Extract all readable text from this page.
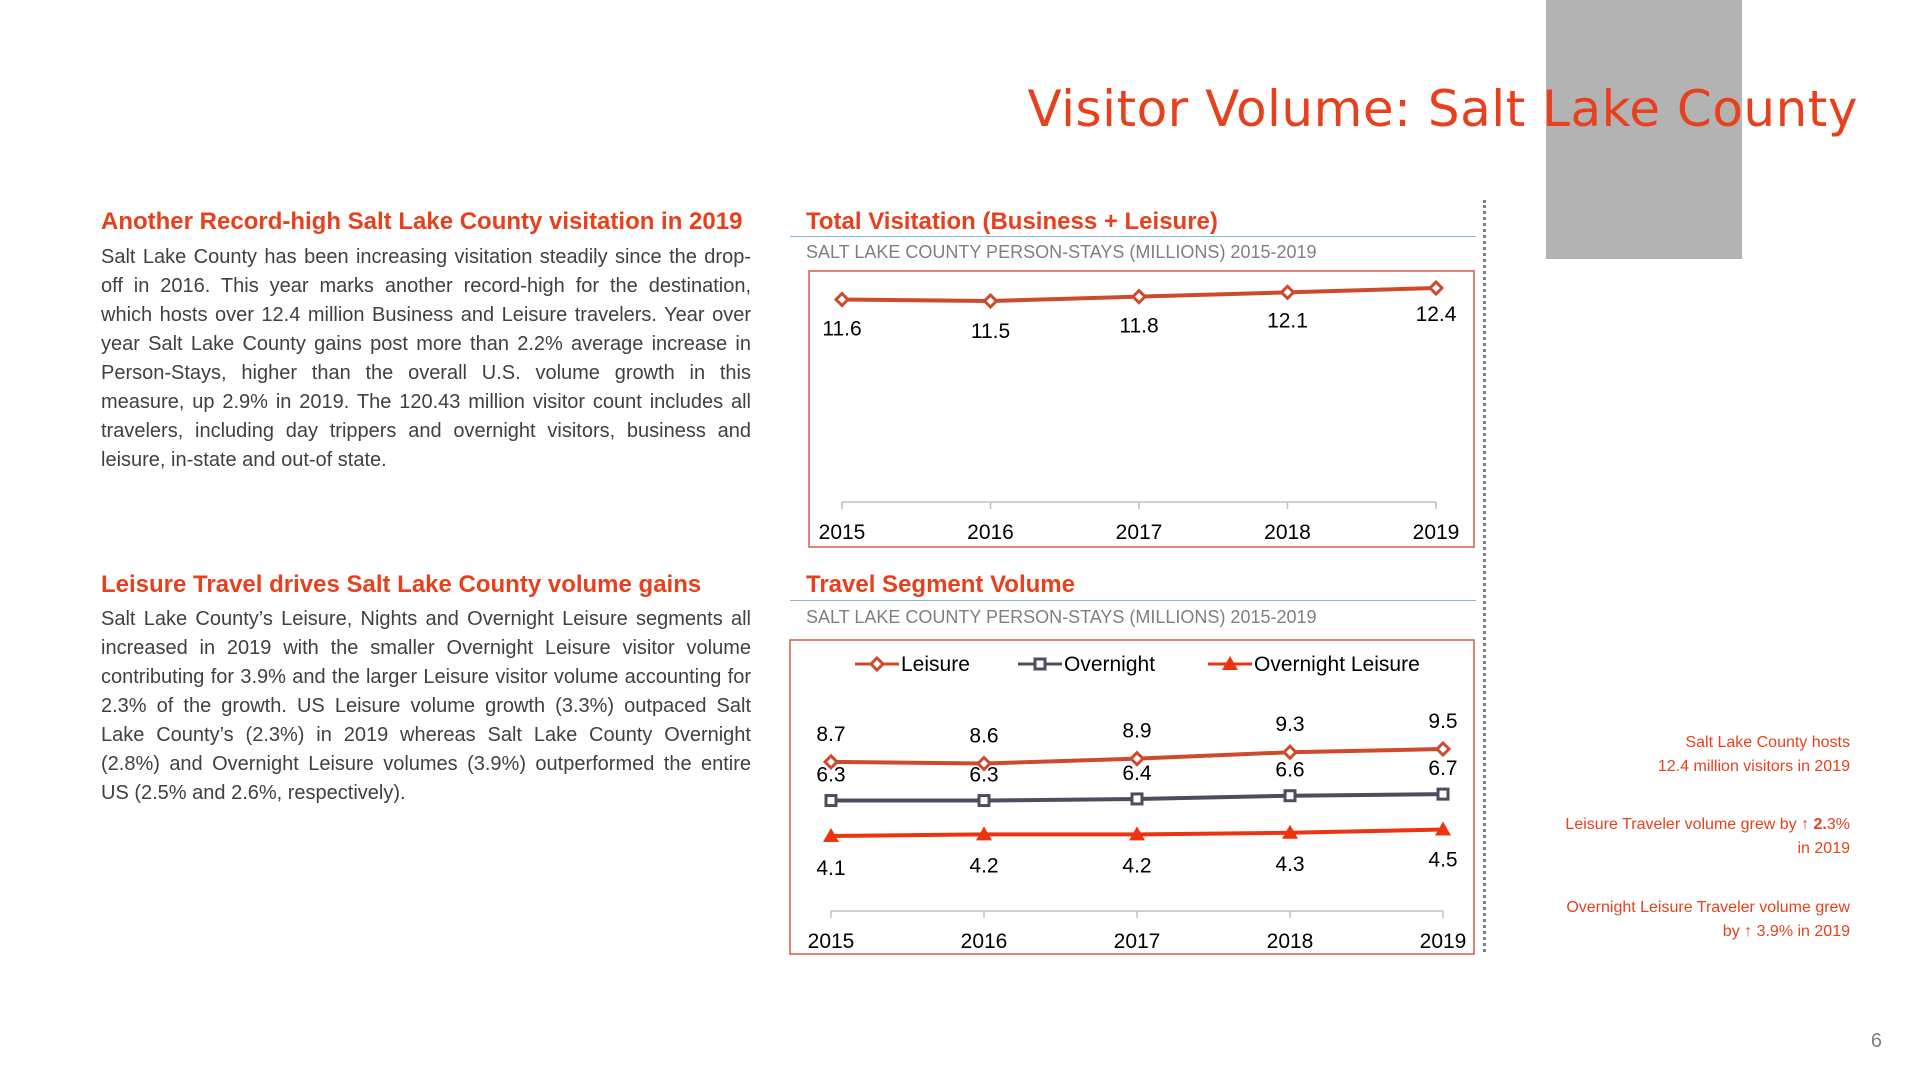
Visitor Volume: Salt Lake County
Another Record-high Salt Lake County visitation in 2019

Salt Lake County has been increasing visitation steadily since the drop-off in 2016. This year marks another record-high for the destination, which hosts over 12.4 million Business and Leisure travelers. Year over year Salt Lake County gains post more than 2.2% average increase in Person-Stays, higher than the overall U.S. volume growth in this measure, up 2.9% in 2019. The 120.43 million visitor count includes all travelers, including day trippers and overnight visitors, business and leisure, in-state and out-of state.

Leisure Travel drives Salt Lake County volume gains

Salt Lake County’s Leisure, Nights and Overnight Leisure segments all increased in 2019 with the smaller Overnight Leisure visitor volume contributing for 3.9% and the larger Leisure visitor volume accounting for 2.3% of the growth. US Leisure volume growth (3.3%) outpaced Salt Lake County’s (2.3%) in 2019 whereas Salt Lake County Overnight (2.8%) and Overnight Leisure volumes (3.9%) outperformed the entire US (2.5% and 2.6%, respectively).

Total Visitation (Business + Leisure)

SALT LAKE COUNTY PERSON-STAYS (MILLIONS) 2015-2019

2015	2016	2017	2018	2019
11.6	11.5	11.8	12.1	12.4
Travel Segment Volume

SALT LAKE COUNTY PERSON-STAYS (MILLIONS) 2015-2019

2015	2016	2017	2018	2019
Leisure	Overnight	Overnight Leisure
8.7	8.6	8.9	9.3	9.5
6.3	6.3	6.4	6.6	6.7
4.1	4.2	4.2	4.3	4.5

Salt Lake County hosts
12.4 million visitors in 2019

Leisure Traveler volume grew by ↑ 2.3%
in 2019

Overnight Leisure Traveler volume grew
by ↑ 3.9% in 2019

6
